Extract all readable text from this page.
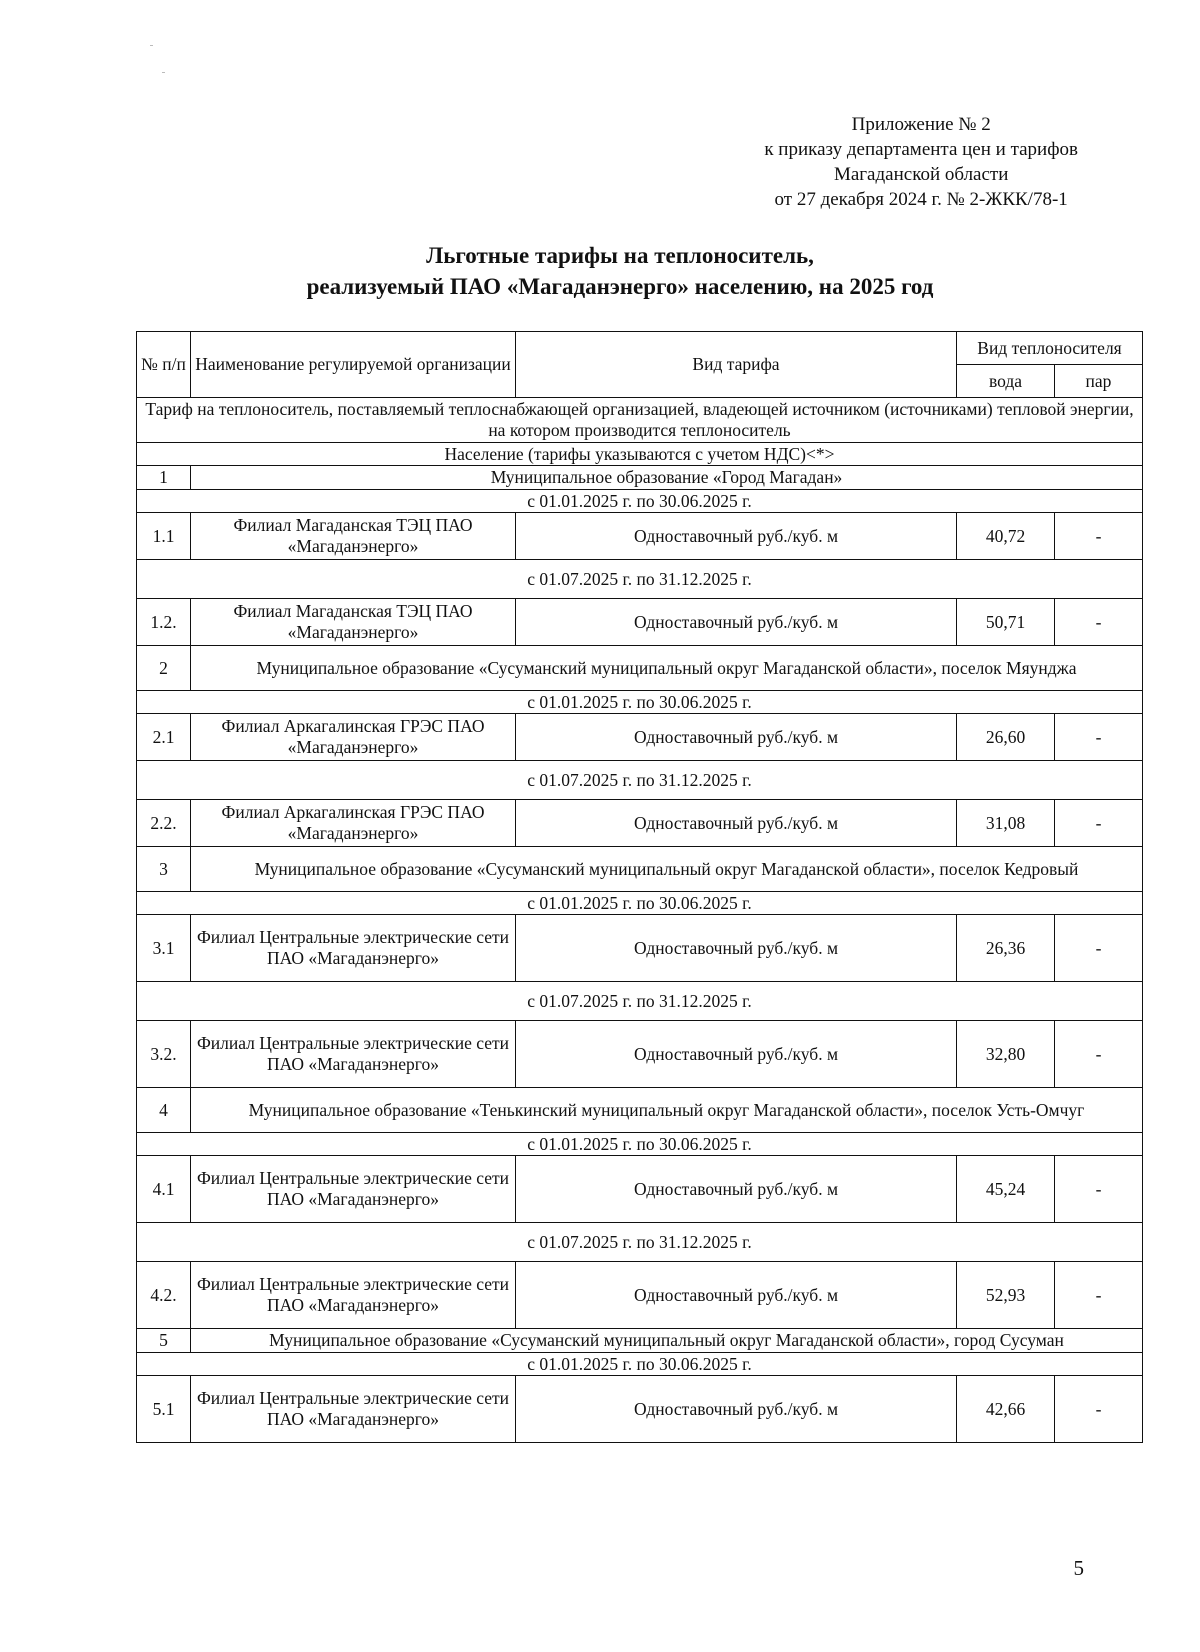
Приложение № 2
к приказу департамента цен и тарифов
Магаданской области
от 27 декабря 2024 г. № 2-ЖКК/78-1
Льготные тарифы на теплоноситель,
реализуемый ПАО «Магаданэнерго» населению, на 2025 год
№ п/п	Наименование регулируемой организации	Вид тарифа	Вид теплоносителя	
			вода	пар
Тариф на теплоноситель, поставляемый теплоснабжающей организацией, владеющей источником (источниками) тепловой энергии, на котором производится теплоноситель				
Население (тарифы указываются с учетом НДС)<*>				
1	Муниципальное образование «Город Магадан»			
с 01.01.2025 г. по 30.06.2025 г.				
1.1	Филиал Магаданская ТЭЦ ПАО «Магаданэнерго»	Одноставочный руб./куб. м	40,72	-
с 01.07.2025 г. по 31.12.2025 г.				
1.2.	Филиал Магаданская ТЭЦ ПАО «Магаданэнерго»	Одноставочный руб./куб. м	50,71	-
2	Муниципальное образование «Сусуманский муниципальный округ Магаданской области», поселок Мяунджа			
с 01.01.2025 г. по 30.06.2025 г.				
2.1	Филиал Аркагалинская ГРЭС ПАО «Магаданэнерго»	Одноставочный руб./куб. м	26,60	-
с 01.07.2025 г. по 31.12.2025 г.				
2.2.	Филиал Аркагалинская ГРЭС ПАО «Магаданэнерго»	Одноставочный руб./куб. м	31,08	-
3	Муниципальное образование «Сусуманский муниципальный округ Магаданской области», поселок Кедровый			
с 01.01.2025 г. по 30.06.2025 г.				
3.1	Филиал Центральные электрические сети ПАО «Магаданэнерго»	Одноставочный руб./куб. м	26,36	-
с 01.07.2025 г. по 31.12.2025 г.				
3.2.	Филиал Центральные электрические сети ПАО «Магаданэнерго»	Одноставочный руб./куб. м	32,80	-
4	Муниципальное образование «Тенькинский муниципальный округ Магаданской области», поселок Усть-Омчуг			
с 01.01.2025 г. по 30.06.2025 г.				
4.1	Филиал Центральные электрические сети ПАО «Магаданэнерго»	Одноставочный руб./куб. м	45,24	-
с 01.07.2025 г. по 31.12.2025 г.				
4.2.	Филиал Центральные электрические сети ПАО «Магаданэнерго»	Одноставочный руб./куб. м	52,93	-
5	Муниципальное образование «Сусуманский муниципальный округ Магаданской области», город Сусуман			
с 01.01.2025 г. по 30.06.2025 г.				
5.1	Филиал Центральные электрические сети ПАО «Магаданэнерго»	Одноставочный руб./куб. м	42,66	-
5
